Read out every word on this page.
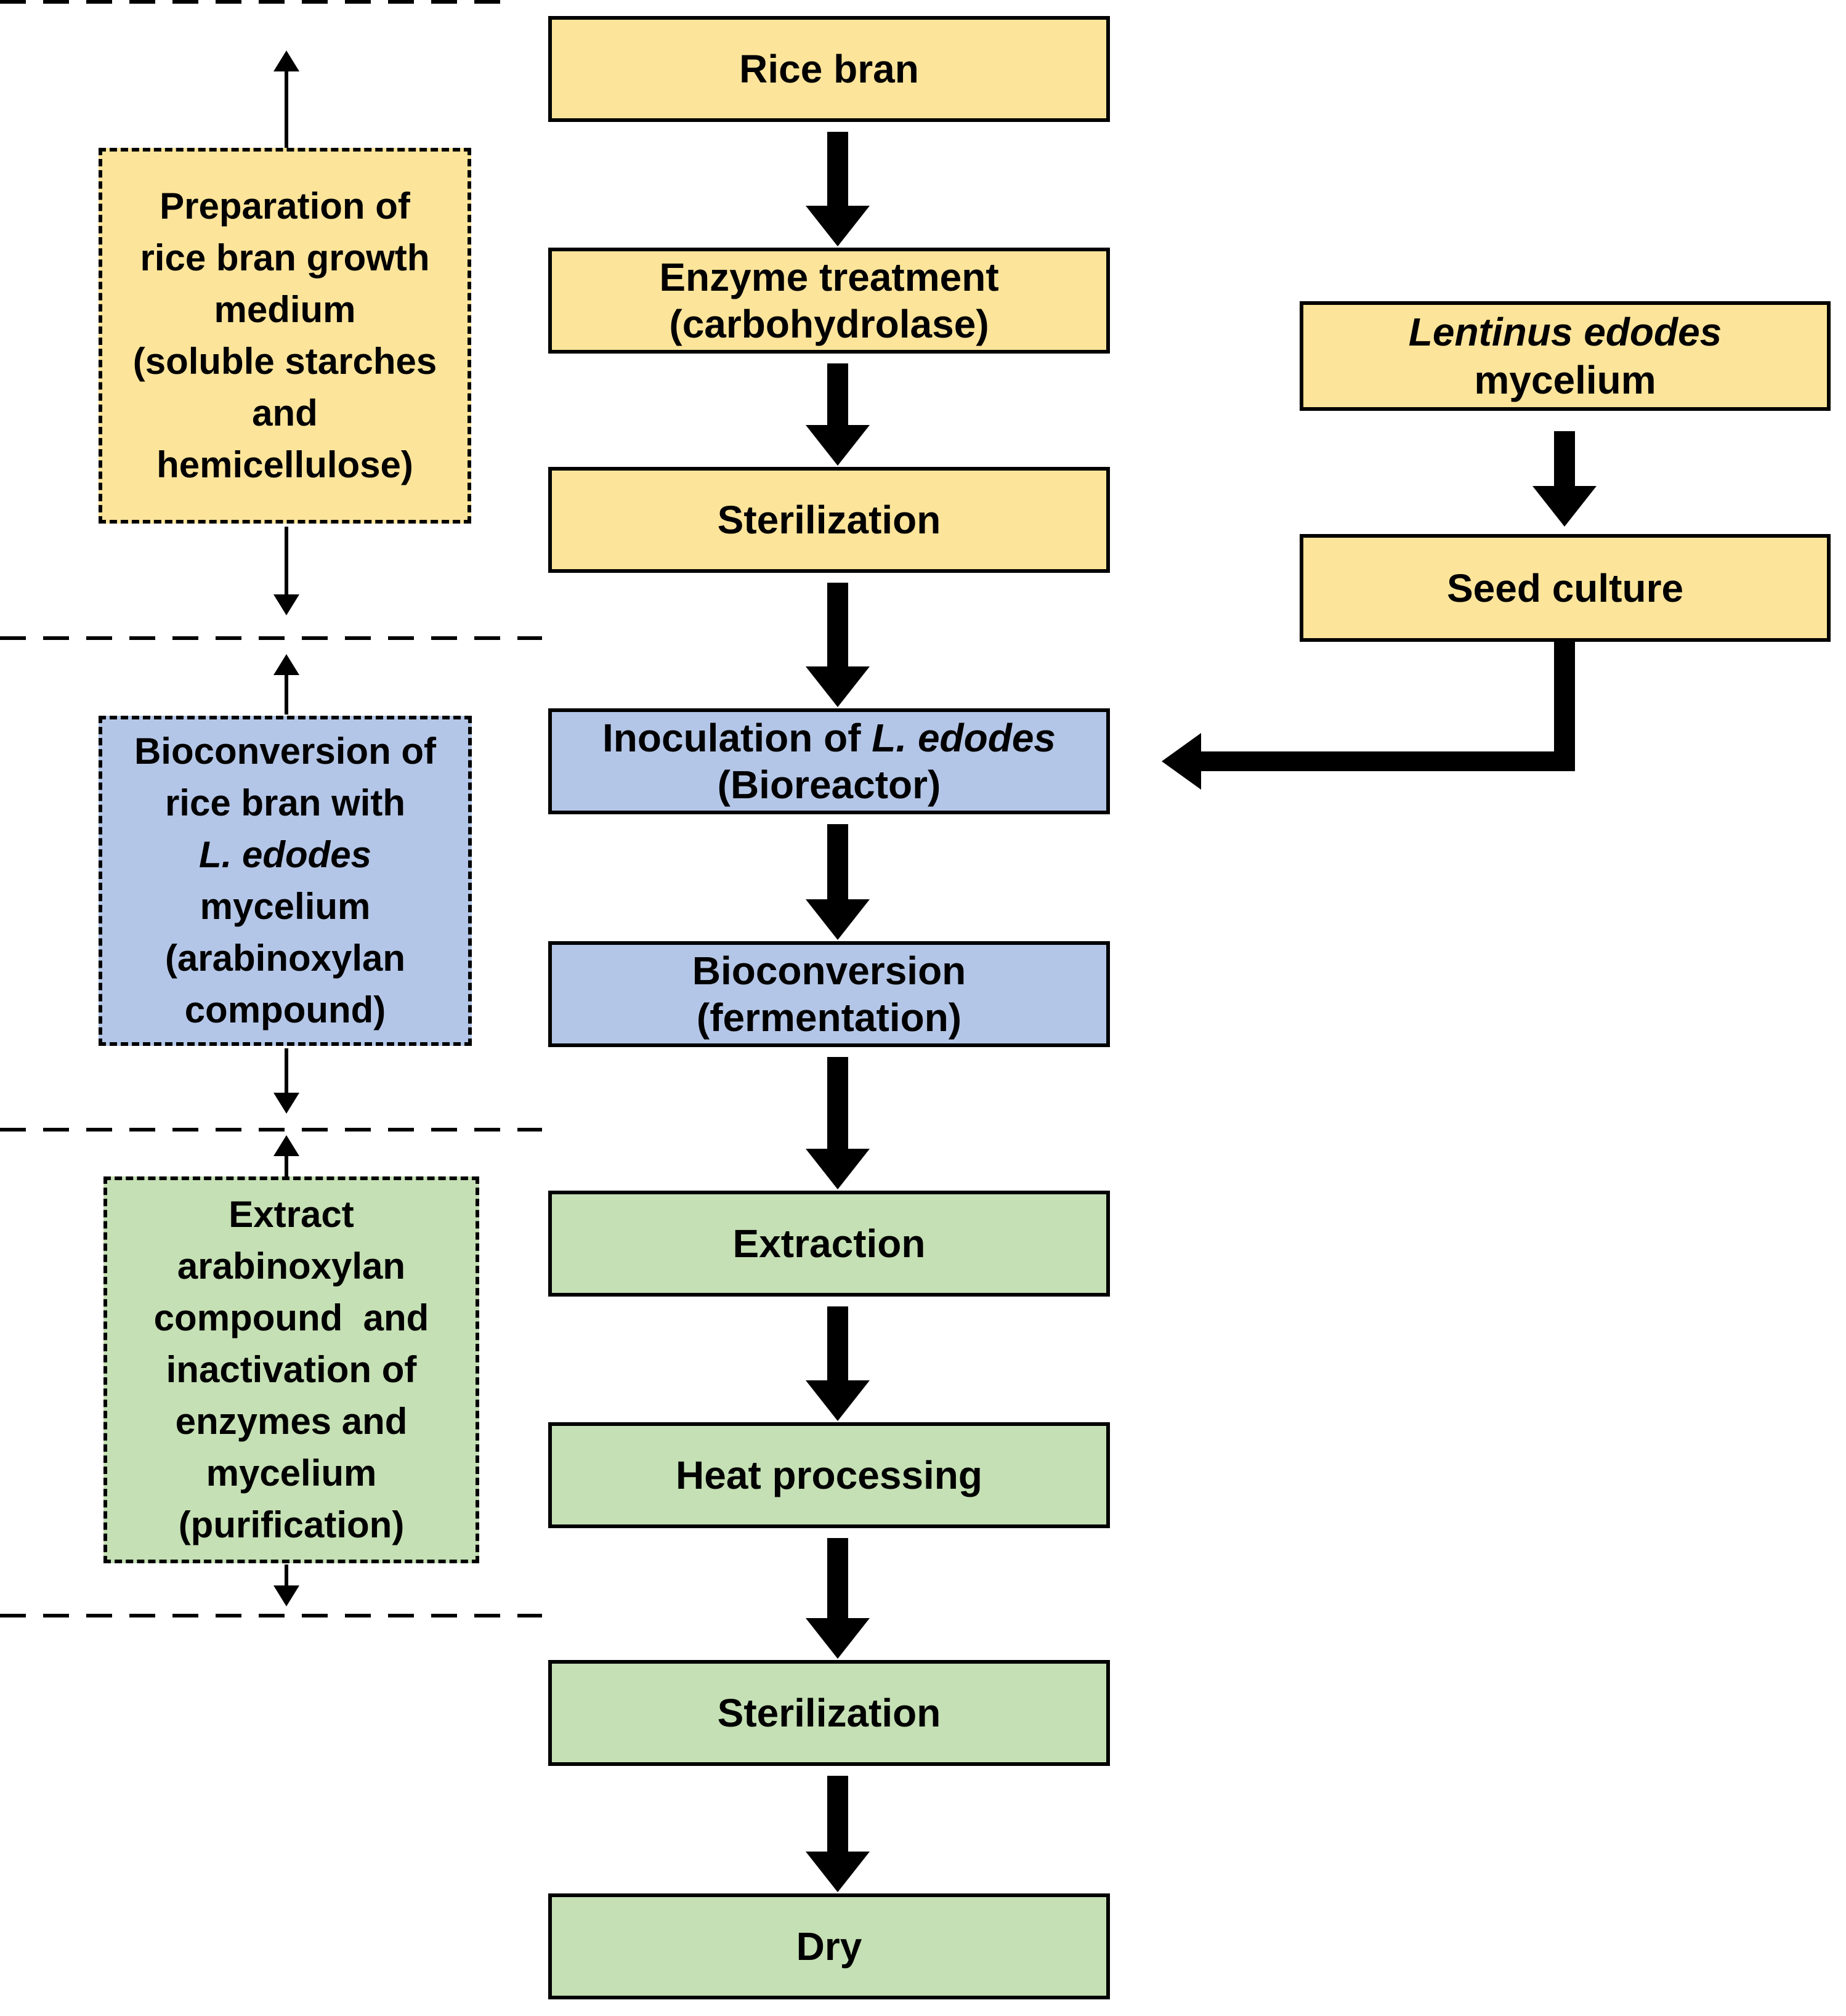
Preparation of
rice bran growth
medium
(soluble starches
and
hemicellulose)
Bioconversion of
rice bran with
L. edodes
mycelium
(arabinoxylan
compound)
Extract
arabinoxylan
compound  and
inactivation of
enzymes and
mycelium
(purification)
Rice bran
Enzyme treatment
(carbohydrolase)
Sterilization
Inoculation of L. edodes
(Bioreactor)
Bioconversion
(fermentation)
Extraction
Heat processing
Sterilization
Dry
Lentinus edodes
mycelium
Seed culture
